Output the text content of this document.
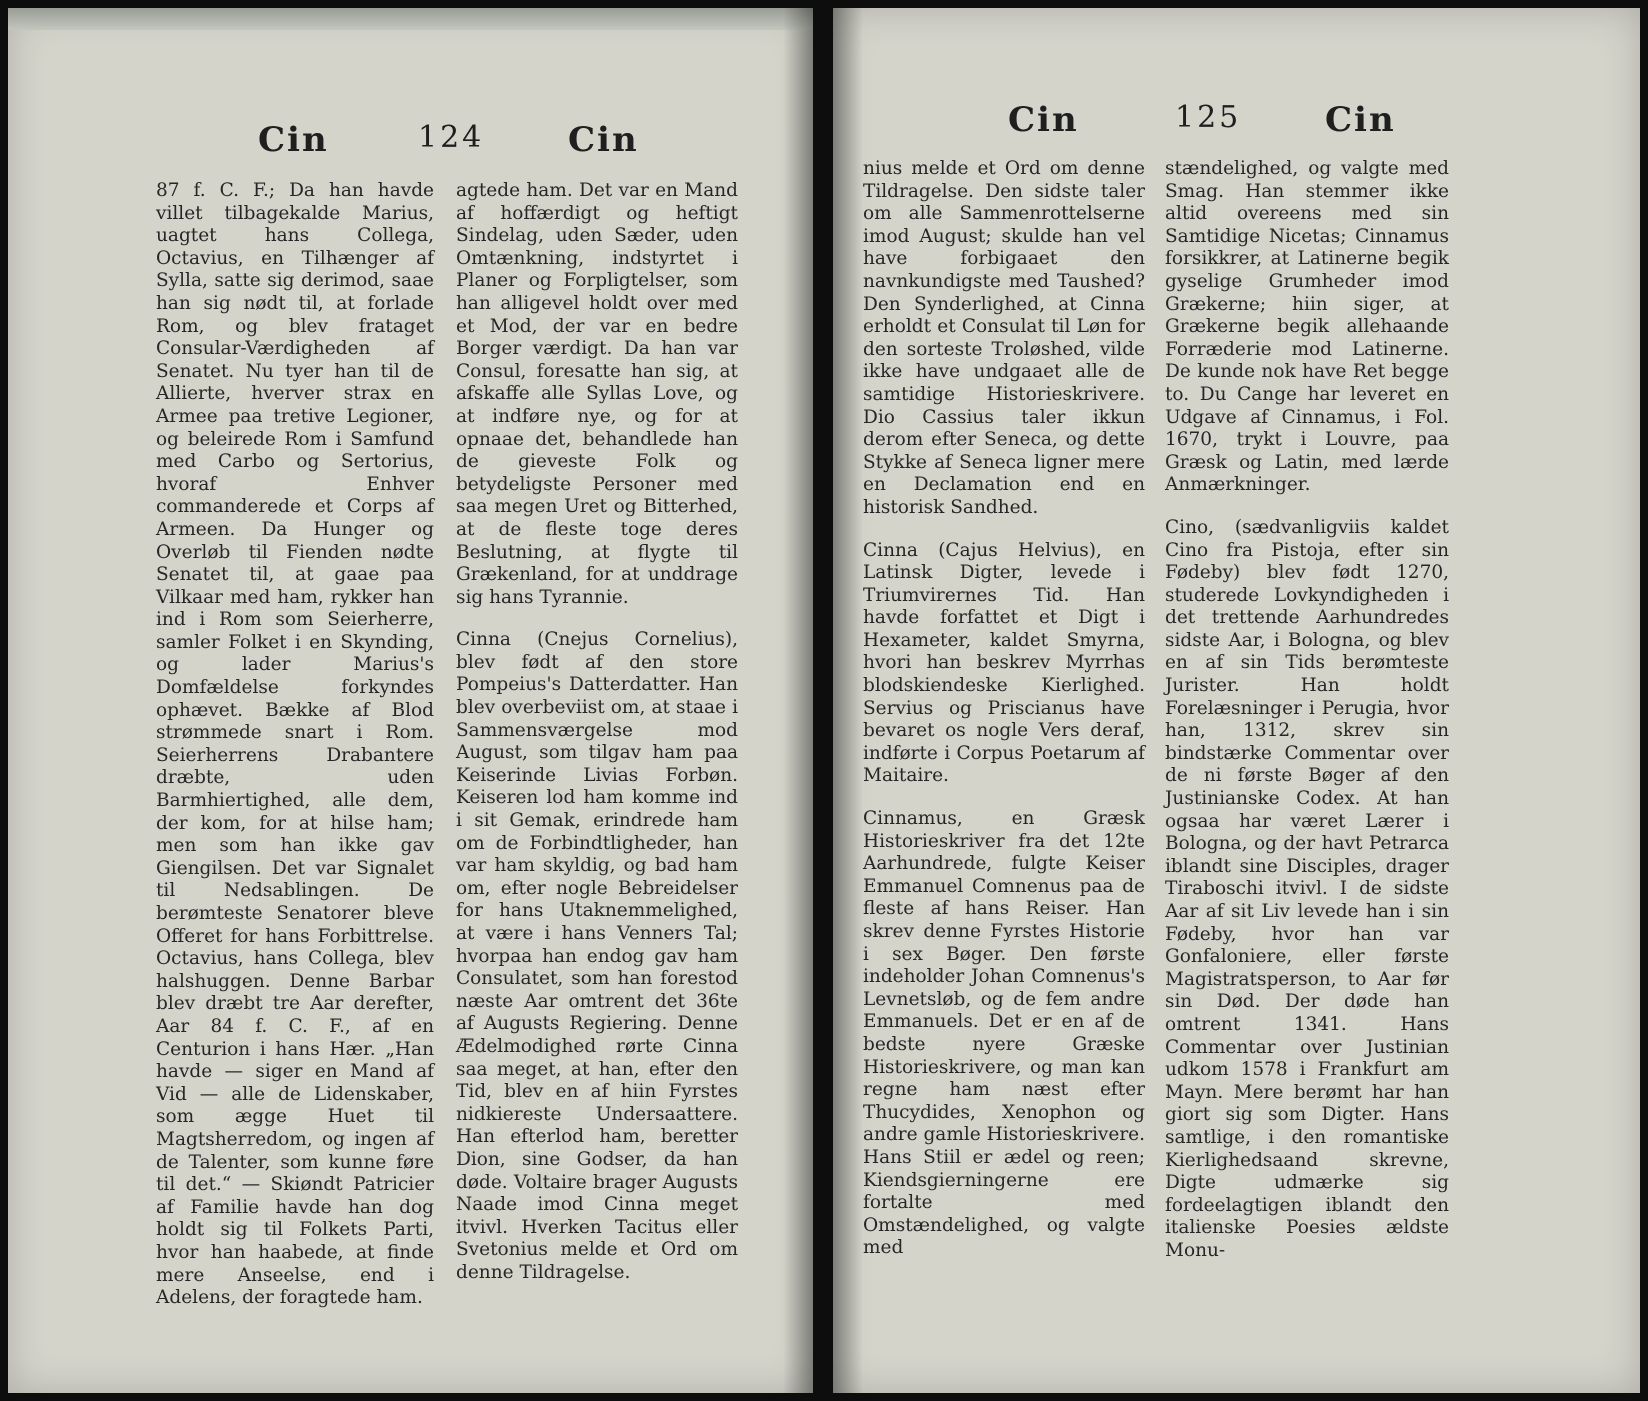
Cin	124 Cin

87 f. C. F.; Da han havde villet tilbagekalde Marius, uagtet hans Collega, Octavius, en Tilhænger af Sylla, satte sig derimod, saae han sig nødt til, at forlade Rom, og blev frataget Consular-Værdigheden af Senatet. Nu tyer han til de Allierte, hverver strax en Armee paa tretive Legioner, og beleirede Rom i Samfund med Carbo og Sertorius, hvoraf Enhver commanderede et Corps af Armeen. Da Hunger og Overløb til Fienden nødte Senatet til, at gaae paa Vilkaar med ham, rykker han ind i Rom som Seierherre, samler Folket i en Skynding, og lader Marius's Domfældelse forkyndes ophævet. Bække af Blod strømmede snart i Rom. Seierherrens Drabantere dræbte, uden Barmhiertighed, alle dem, der kom, for at hilse ham; men som han ikke gav Giengilsen. Det var Signalet til Nedsablingen. De berømteste Senatorer bleve Offeret for hans Forbittrelse. Octavius, hans Collega, blev halshuggen. Denne Barbar blev dræbt tre Aar derefter, Aar 84 f. C. F., af en Centurion i hans Hær. „Han havde — siger en Mand af Vid — alle de Lidenskaber, som ægge Huet til Magtsherredom, og ingen af de Talenter, som kunne føre til det.“ — Skiøndt Patricier af Familie havde han dog holdt sig til Folkets Parti, hvor han haabede, at finde mere Anseelse, end i Adelens, der foragtede ham.

agtede ham. Det var en Mand af hoffærdigt og heftigt Sindelag, uden Sæder, uden Omtænkning, indstyrtet i Planer og Forpligtelser, som han alligevel holdt over med et Mod, der var en bedre Borger værdigt. Da han var Consul, foresatte han sig, at afskaffe alle Syllas Love, og at indføre nye, og for at opnaae det, behandlede han de gieveste Folk og betydeligste Personer med saa megen Uret og Bitterhed, at de fleste toge deres Beslutning, at flygte til Grækenland, for at unddrage sig hans Tyrannie.

Cinna (Cnejus Cornelius), blev født af den store Pompeius's Datterdatter. Han blev overbeviist om, at staae i Sammensværgelse mod August, som tilgav ham paa Keiserinde Livias Forbøn. Keiseren lod ham komme ind i sit Gemak, erindrede ham om de Forbindtligheder, han var ham skyldig, og bad ham om, efter nogle Bebreidelser for hans Utaknemmelighed, at være i hans Venners Tal; hvorpaa han endog gav ham Consulatet, som han forestod næste Aar omtrent det 36te af Augusts Regiering. Denne Ædelmodighed rørte Cinna saa meget, at han, efter den Tid, blev en af hiin Fyrstes nidkiereste Undersaattere. Han efterlod ham, beretter Dion, sine Godser, da han døde. Voltaire brager Augusts Naade imod Cinna meget itvivl. Hverken Tacitus eller Svetonius melde et Ord om denne Tildragelse.

Cin	125 Cin

nius melde et Ord om denne Tildragelse. Den sidste taler om alle Sammenrottelserne imod August; skulde han vel have forbigaaet den navnkundigste med Taushed? Den Synderlighed, at Cinna erholdt et Consulat til Løn for den sorteste Troløshed, vilde ikke have undgaaet alle de samtidige Historieskrivere. Dio Cassius taler ikkun derom efter Seneca, og dette Stykke af Seneca ligner mere en Declamation end en historisk Sandhed.

Cinna (Cajus Helvius), en Latinsk Digter, levede i Triumvirernes Tid. Han havde forfattet et Digt i Hexameter, kaldet Smyrna, hvori han beskrev Myrrhas blodskiendeske Kierlighed. Servius og Priscianus have bevaret os nogle Vers deraf, indførte i Corpus Poetarum af Maitaire.

Cinnamus, en Græsk Historieskriver fra det 12te Aarhundrede, fulgte Keiser Emmanuel Comnenus paa de fleste af hans Reiser. Han skrev denne Fyrstes Historie i sex Bøger. Den første indeholder Johan Comnenus's Levnetsløb, og de fem andre Emmanuels. Det er en af de bedste nyere Græske Historieskrivere, og man kan regne ham næst efter Thucydides, Xenophon og andre gamle Historieskrivere. Hans Stiil er ædel og reen; Kiendsgierningerne ere fortalte med Omstændelighed, og valgte med

stændelighed, og valgte med Smag. Han stemmer ikke altid overeens med sin Samtidige Nicetas; Cinnamus forsikkrer, at Latinerne begik gyselige Grumheder imod Grækerne; hiin siger, at Grækerne begik allehaande Forræderie mod Latinerne. De kunde nok have Ret begge to. Du Cange har leveret en Udgave af Cinnamus, i Fol. 1670, trykt i Louvre, paa Græsk og Latin, med lærde Anmærkninger.

Cino, (sædvanligviis kaldet Cino fra Pistoja, efter sin Fødeby) blev født 1270, studerede Lovkyndigheden i det trettende Aarhundredes sidste Aar, i Bologna, og blev en af sin Tids berømteste Jurister. Han holdt Forelæsninger i Perugia, hvor han, 1312, skrev sin bindstærke Commentar over de ni første Bøger af den Justinianske Codex. At han ogsaa har været Lærer i Bologna, og der havt Petrarca iblandt sine Disciples, drager Tiraboschi itvivl. I de sidste Aar af sit Liv levede han i sin Fødeby, hvor han var Gonfaloniere, eller første Magistratsperson, to Aar før sin Død. Der døde han omtrent 1341. Hans Commentar over Justinian udkom 1578 i Frankfurt am Mayn. Mere berømt har han giort sig som Digter. Hans samtlige, i den romantiske Kierlighedsaand skrevne, Digte udmærke sig fordeelagtigen iblandt den italienske Poesies ældste Monu-
